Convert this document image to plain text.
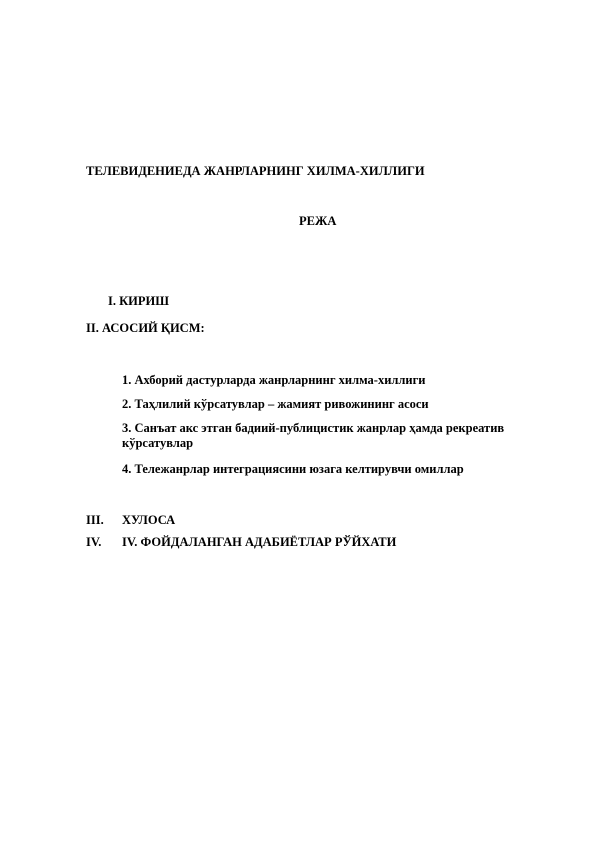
ТЕЛЕВИДЕНИЕДА ЖАНРЛАРНИНГ ХИЛМА-ХИЛЛИГИ
РЕЖА
I. КИРИШ
II. АСОСИЙ ҚИСМ:
1. Ахборий дастурларда жанрларнинг хилма-хиллиги
2. Таҳлилий кўрсатувлар – жамият ривожининг асоси
3. Санъат акс этган бадиий-публицистик жанрлар ҳамда рекреатив кўрсатувлар
4. Тележанрлар интеграциясини юзага келтирувчи омиллар
III. ХУЛОСА
IV. IV. ФОЙДАЛАНГАН АДАБИЁТЛАР РЎЙХАТИ
